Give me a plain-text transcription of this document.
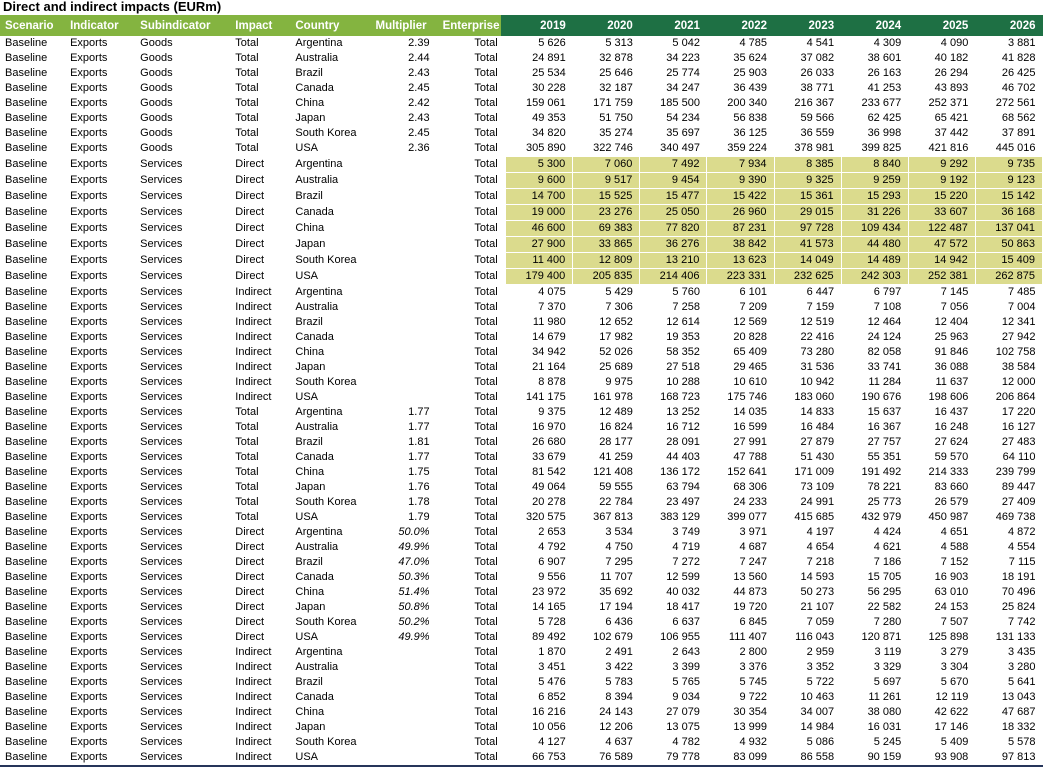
Direct and indirect impacts (EURm)
Scenario	Indicator	Subindicator	Impact	Country	Multiplier	Enterprise		2019	2020	2021	2022	2023	2024	2025	2026
Baseline	Exports	Goods	Total	Argentina	2.39	Total		5 626	5 313	5 042	4 785	4 541	4 309	4 090	3 881
Baseline	Exports	Goods	Total	Australia	2.44	Total		24 891	32 878	34 223	35 624	37 082	38 601	40 182	41 828
Baseline	Exports	Goods	Total	Brazil	2.43	Total		25 534	25 646	25 774	25 903	26 033	26 163	26 294	26 425
Baseline	Exports	Goods	Total	Canada	2.45	Total		30 228	32 187	34 247	36 439	38 771	41 253	43 893	46 702
Baseline	Exports	Goods	Total	China	2.42	Total		159 061	171 759	185 500	200 340	216 367	233 677	252 371	272 561
Baseline	Exports	Goods	Total	Japan	2.43	Total		49 353	51 750	54 234	56 838	59 566	62 425	65 421	68 562
Baseline	Exports	Goods	Total	South Korea	2.45	Total		34 820	35 274	35 697	36 125	36 559	36 998	37 442	37 891
Baseline	Exports	Goods	Total	USA	2.36	Total		305 890	322 746	340 497	359 224	378 981	399 825	421 816	445 016
Baseline	Exports	Services	Direct	Argentina		Total		5 300	7 060	7 492	7 934	8 385	8 840	9 292	9 735
Baseline	Exports	Services	Direct	Australia		Total		9 600	9 517	9 454	9 390	9 325	9 259	9 192	9 123
Baseline	Exports	Services	Direct	Brazil		Total		14 700	15 525	15 477	15 422	15 361	15 293	15 220	15 142
Baseline	Exports	Services	Direct	Canada		Total		19 000	23 276	25 050	26 960	29 015	31 226	33 607	36 168
Baseline	Exports	Services	Direct	China		Total		46 600	69 383	77 820	87 231	97 728	109 434	122 487	137 041
Baseline	Exports	Services	Direct	Japan		Total		27 900	33 865	36 276	38 842	41 573	44 480	47 572	50 863
Baseline	Exports	Services	Direct	South Korea		Total		11 400	12 809	13 210	13 623	14 049	14 489	14 942	15 409
Baseline	Exports	Services	Direct	USA		Total		179 400	205 835	214 406	223 331	232 625	242 303	252 381	262 875
Baseline	Exports	Services	Indirect	Argentina		Total		4 075	5 429	5 760	6 101	6 447	6 797	7 145	7 485
Baseline	Exports	Services	Indirect	Australia		Total		7 370	7 306	7 258	7 209	7 159	7 108	7 056	7 004
Baseline	Exports	Services	Indirect	Brazil		Total		11 980	12 652	12 614	12 569	12 519	12 464	12 404	12 341
Baseline	Exports	Services	Indirect	Canada		Total		14 679	17 982	19 353	20 828	22 416	24 124	25 963	27 942
Baseline	Exports	Services	Indirect	China		Total		34 942	52 026	58 352	65 409	73 280	82 058	91 846	102 758
Baseline	Exports	Services	Indirect	Japan		Total		21 164	25 689	27 518	29 465	31 536	33 741	36 088	38 584
Baseline	Exports	Services	Indirect	South Korea		Total		8 878	9 975	10 288	10 610	10 942	11 284	11 637	12 000
Baseline	Exports	Services	Indirect	USA		Total		141 175	161 978	168 723	175 746	183 060	190 676	198 606	206 864
Baseline	Exports	Services	Total	Argentina	1.77	Total		9 375	12 489	13 252	14 035	14 833	15 637	16 437	17 220
Baseline	Exports	Services	Total	Australia	1.77	Total		16 970	16 824	16 712	16 599	16 484	16 367	16 248	16 127
Baseline	Exports	Services	Total	Brazil	1.81	Total		26 680	28 177	28 091	27 991	27 879	27 757	27 624	27 483
Baseline	Exports	Services	Total	Canada	1.77	Total		33 679	41 259	44 403	47 788	51 430	55 351	59 570	64 110
Baseline	Exports	Services	Total	China	1.75	Total		81 542	121 408	136 172	152 641	171 009	191 492	214 333	239 799
Baseline	Exports	Services	Total	Japan	1.76	Total		49 064	59 555	63 794	68 306	73 109	78 221	83 660	89 447
Baseline	Exports	Services	Total	South Korea	1.78	Total		20 278	22 784	23 497	24 233	24 991	25 773	26 579	27 409
Baseline	Exports	Services	Total	USA	1.79	Total		320 575	367 813	383 129	399 077	415 685	432 979	450 987	469 738
Baseline	Exports	Services	Direct	Argentina	50.0%	Total		2 653	3 534	3 749	3 971	4 197	4 424	4 651	4 872
Baseline	Exports	Services	Direct	Australia	49.9%	Total		4 792	4 750	4 719	4 687	4 654	4 621	4 588	4 554
Baseline	Exports	Services	Direct	Brazil	47.0%	Total		6 907	7 295	7 272	7 247	7 218	7 186	7 152	7 115
Baseline	Exports	Services	Direct	Canada	50.3%	Total		9 556	11 707	12 599	13 560	14 593	15 705	16 903	18 191
Baseline	Exports	Services	Direct	China	51.4%	Total		23 972	35 692	40 032	44 873	50 273	56 295	63 010	70 496
Baseline	Exports	Services	Direct	Japan	50.8%	Total		14 165	17 194	18 417	19 720	21 107	22 582	24 153	25 824
Baseline	Exports	Services	Direct	South Korea	50.2%	Total		5 728	6 436	6 637	6 845	7 059	7 280	7 507	7 742
Baseline	Exports	Services	Direct	USA	49.9%	Total		89 492	102 679	106 955	111 407	116 043	120 871	125 898	131 133
Baseline	Exports	Services	Indirect	Argentina		Total		1 870	2 491	2 643	2 800	2 959	3 119	3 279	3 435
Baseline	Exports	Services	Indirect	Australia		Total		3 451	3 422	3 399	3 376	3 352	3 329	3 304	3 280
Baseline	Exports	Services	Indirect	Brazil		Total		5 476	5 783	5 765	5 745	5 722	5 697	5 670	5 641
Baseline	Exports	Services	Indirect	Canada		Total		6 852	8 394	9 034	9 722	10 463	11 261	12 119	13 043
Baseline	Exports	Services	Indirect	China		Total		16 216	24 143	27 079	30 354	34 007	38 080	42 622	47 687
Baseline	Exports	Services	Indirect	Japan		Total		10 056	12 206	13 075	13 999	14 984	16 031	17 146	18 332
Baseline	Exports	Services	Indirect	South Korea		Total		4 127	4 637	4 782	4 932	5 086	5 245	5 409	5 578
Baseline	Exports	Services	Indirect	USA		Total		66 753	76 589	79 778	83 099	86 558	90 159	93 908	97 813
